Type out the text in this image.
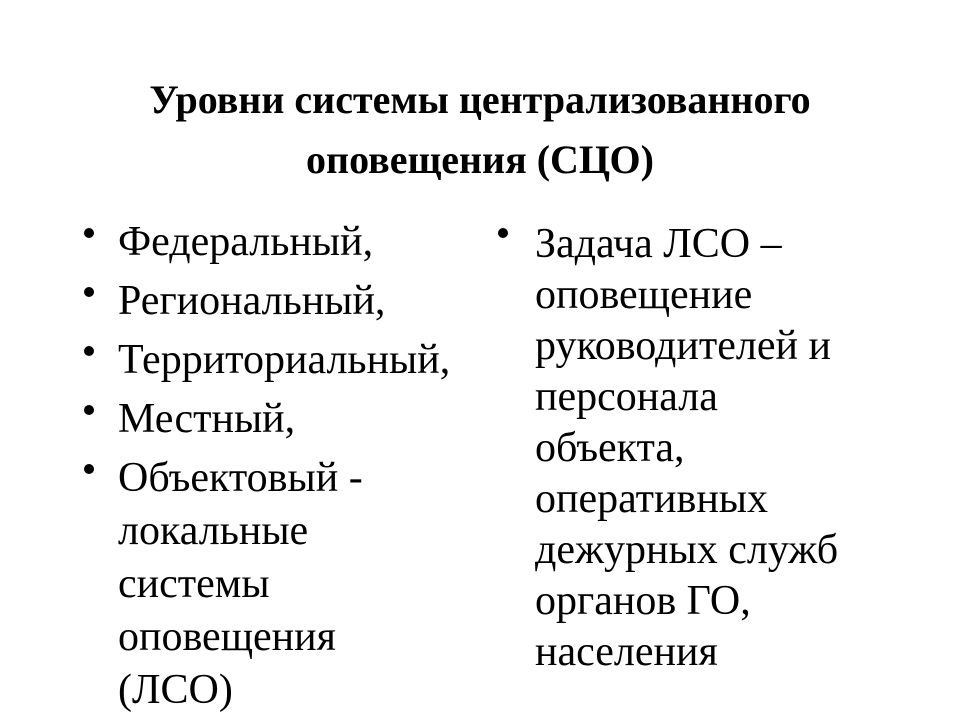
Уровни системы централизованного
оповещения (СЦО)
Федеральный,
Региональный,
Территориальный,
Местный,
Объектовый -
локальные
системы
оповещения
(ЛСО)
Задача ЛСО –
оповещение
руководителей и
персонала
объекта,
оперативных
дежурных служб
органов ГО,
населения
